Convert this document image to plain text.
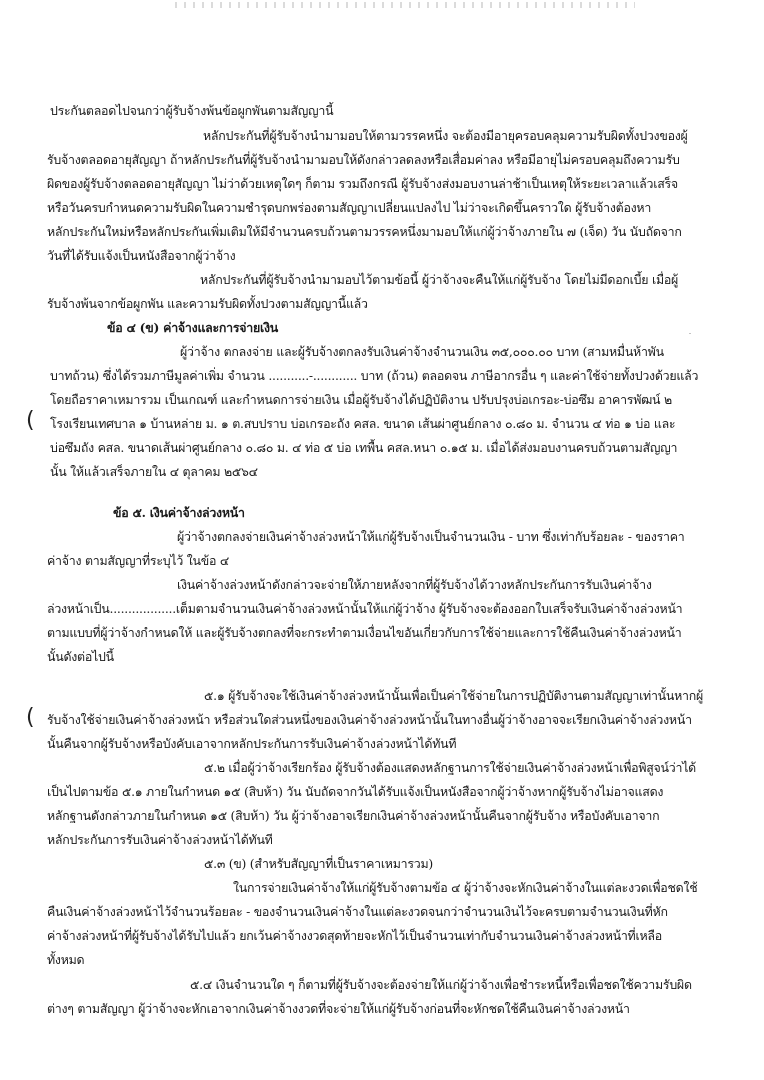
ประกันตลอดไปจนกว่าผู้รับจ้างพ้นข้อผูกพันตามสัญญานี้
หลักประกันที่ผู้รับจ้างนำมามอบให้ตามวรรคหนึ่ง จะต้องมีอายุครอบคลุมความรับผิดทั้งปวงของผู้
รับจ้างตลอดอายุสัญญา ถ้าหลักประกันที่ผู้รับจ้างนำมามอบให้ดังกล่าวลดลงหรือเสื่อมค่าลง หรือมีอายุไม่ครอบคลุมถึงความรับ
ผิดของผู้รับจ้างตลอดอายุสัญญา ไม่ว่าด้วยเหตุใดๆ ก็ตาม รวมถึงกรณี ผู้รับจ้างส่งมอบงานล่าช้าเป็นเหตุให้ระยะเวลาแล้วเสร็จ
หรือวันครบกำหนดความรับผิดในความชำรุดบกพร่องตามสัญญาเปลี่ยนแปลงไป ไม่ว่าจะเกิดขึ้นคราวใด ผู้รับจ้างต้องหา
หลักประกันใหม่หรือหลักประกันเพิ่มเติมให้มีจำนวนครบถ้วนตามวรรคหนึ่งมามอบให้แก่ผู้ว่าจ้างภายใน ๗ (เจ็ด) วัน นับถัดจาก
วันที่ได้รับแจ้งเป็นหนังสือจากผู้ว่าจ้าง
หลักประกันที่ผู้รับจ้างนำมามอบไว้ตามข้อนี้ ผู้ว่าจ้างจะคืนให้แก่ผู้รับจ้าง โดยไม่มีดอกเบี้ย เมื่อผู้
รับจ้างพ้นจากข้อผูกพัน และความรับผิดทั้งปวงตามสัญญานี้แล้ว
ข้อ ๔ (ข) ค่าจ้างและการจ่ายเงิน
ผู้ว่าจ้าง ตกลงจ่าย และผู้รับจ้างตกลงรับเงินค่าจ้างจำนวนเงิน ๓๕,๐๐๐.๐๐ บาท (สามหมื่นห้าพัน
บาทถ้วน) ซึ่งได้รวมภาษีมูลค่าเพิ่ม จำนวน ...........-............ บาท (ถ้วน) ตลอดจน ภาษีอากรอื่น ๆ และค่าใช้จ่ายทั้งปวงด้วยแล้ว
โดยถือราคาเหมารวม เป็นเกณฑ์ และกำหนดการจ่ายเงิน เมื่อผู้รับจ้างได้ปฏิบัติงาน ปรับปรุงบ่อเกรอะ-บ่อซึม อาคารพัฒน์ ๒
( โรงเรียนเทศบาล ๑ บ้านหล่าย ม. ๑ ต.สบปราบ บ่อเกรอะถัง คสล. ขนาด เส้นผ่าศูนย์กลาง ๐.๘๐ ม. จำนวน ๔ ท่อ ๑ บ่อ และ
บ่อซึมถัง คสล. ขนาดเส้นผ่าศูนย์กลาง ๐.๘๐ ม. ๔ ท่อ ๕ บ่อ เทพื้น คสล.หนา ๐.๑๕ ม. เมื่อได้ส่งมอบงานครบถ้วนตามสัญญา
นั้น ให้แล้วเสร็จภายใน ๔ ตุลาคม ๒๕๖๔
ข้อ ๕. เงินค่าจ้างล่วงหน้า
ผู้ว่าจ้างตกลงจ่ายเงินค่าจ้างล่วงหน้าให้แก่ผู้รับจ้างเป็นจำนวนเงิน - บาท ซึ่งเท่ากับร้อยละ - ของราคา
ค่าจ้าง ตามสัญญาที่ระบุไว้ ในข้อ ๔
เงินค่าจ้างล่วงหน้าดังกล่าวจะจ่ายให้ภายหลังจากที่ผู้รับจ้างได้วางหลักประกันการรับเงินค่าจ้าง
ล่วงหน้าเป็น..................เต็มตามจำนวนเงินค่าจ้างล่วงหน้านั้นให้แก่ผู้ว่าจ้าง ผู้รับจ้างจะต้องออกใบเสร็จรับเงินค่าจ้างล่วงหน้า
ตามแบบที่ผู้ว่าจ้างกำหนดให้ และผู้รับจ้างตกลงที่จะกระทำตามเงื่อนไขอันเกี่ยวกับการใช้จ่ายและการใช้คืนเงินค่าจ้างล่วงหน้า
นั้นดังต่อไปนี้
๕.๑ ผู้รับจ้างจะใช้เงินค่าจ้างล่วงหน้านั้นเพื่อเป็นค่าใช้จ่ายในการปฏิบัติงานตามสัญญาเท่านั้นหากผู้
( รับจ้างใช้จ่ายเงินค่าจ้างล่วงหน้า หรือส่วนใดส่วนหนึ่งของเงินค่าจ้างล่วงหน้านั้นในทางอื่นผู้ว่าจ้างอาจจะเรียกเงินค่าจ้างล่วงหน้า
นั้นคืนจากผู้รับจ้างหรือบังคับเอาจากหลักประกันการรับเงินค่าจ้างล่วงหน้าได้ทันที
๕.๒ เมื่อผู้ว่าจ้างเรียกร้อง ผู้รับจ้างต้องแสดงหลักฐานการใช้จ่ายเงินค่าจ้างล่วงหน้าเพื่อพิสูจน์ว่าได้
เป็นไปตามข้อ ๕.๑ ภายในกำหนด ๑๕ (สิบห้า) วัน นับถัดจากวันได้รับแจ้งเป็นหนังสือจากผู้ว่าจ้างหากผู้รับจ้างไม่อาจแสดง
หลักฐานดังกล่าวภายในกำหนด ๑๕ (สิบห้า) วัน ผู้ว่าจ้างอาจเรียกเงินค่าจ้างล่วงหน้านั้นคืนจากผู้รับจ้าง หรือบังคับเอาจาก
หลักประกันการรับเงินค่าจ้างล่วงหน้าได้ทันที
๕.๓ (ข) (สำหรับสัญญาที่เป็นราคาเหมารวม)
ในการจ่ายเงินค่าจ้างให้แก่ผู้รับจ้างตามข้อ ๔ ผู้ว่าจ้างจะหักเงินค่าจ้างในแต่ละงวดเพื่อชดใช้
คืนเงินค่าจ้างล่วงหน้าไว้จำนวนร้อยละ - ของจำนวนเงินค่าจ้างในแต่ละงวดจนกว่าจำนวนเงินไว้จะครบตามจำนวนเงินที่หัก
ค่าจ้างล่วงหน้าที่ผู้รับจ้างได้รับไปแล้ว ยกเว้นค่าจ้างงวดสุดท้ายจะหักไว้เป็นจำนวนเท่ากับจำนวนเงินค่าจ้างล่วงหน้าที่เหลือ
ทั้งหมด
๕.๔ เงินจำนวนใด ๆ ก็ตามที่ผู้รับจ้างจะต้องจ่ายให้แก่ผู้ว่าจ้างเพื่อชำระหนี้หรือเพื่อชดใช้ความรับผิด
ต่างๆ ตามสัญญา ผู้ว่าจ้างจะหักเอาจากเงินค่าจ้างงวดที่จะจ่ายให้แก่ผู้รับจ้างก่อนที่จะหักชดใช้คืนเงินค่าจ้างล่วงหน้า
